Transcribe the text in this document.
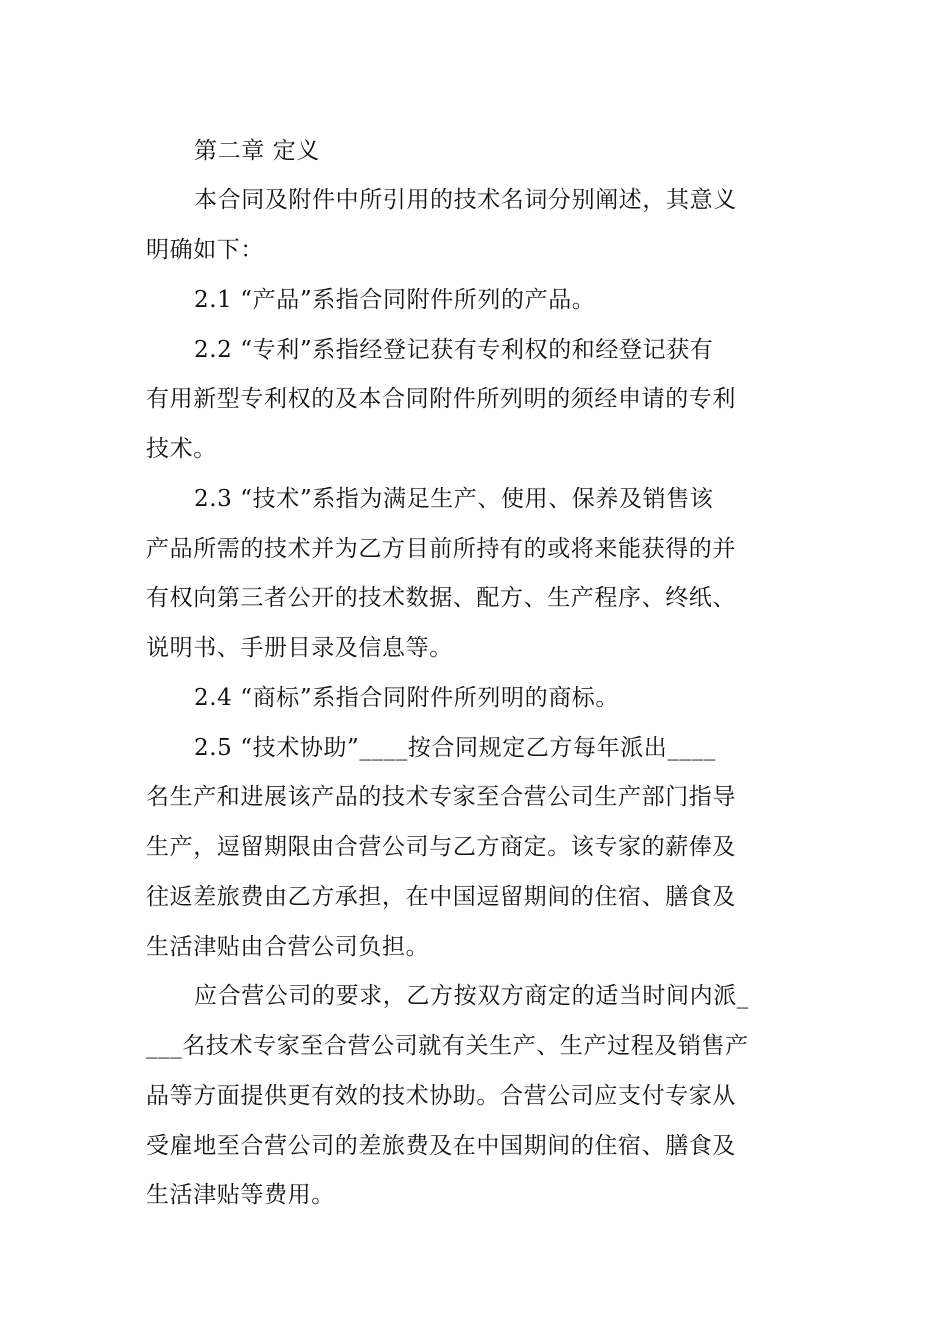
第二章 定义
本合同及附件中所引用的技术名词分别阐述，其意义
明确如下：
2.1 “产品”系指合同附件所列的产品。
2.2 “专利”系指经登记获有专利权的和经登记获有
有用新型专利权的及本合同附件所列明的须经申请的专利
技术。
2.3 “技术”系指为满足生产、使用、保养及销售该
产品所需的技术并为乙方目前所持有的或将来能获得的并
有权向第三者公开的技术数据、配方、生产程序、终纸、
说明书、手册目录及信息等。
2.4 “商标”系指合同附件所列明的商标。
2.5 “技术协助”____按合同规定乙方每年派出____
名生产和进展该产品的技术专家至合营公司生产部门指导
生产，逗留期限由合营公司与乙方商定。该专家的薪俸及
往返差旅费由乙方承担，在中国逗留期间的住宿、膳食及
生活津贴由合营公司负担。
应合营公司的要求，乙方按双方商定的适当时间内派_
___名技术专家至合营公司就有关生产、生产过程及销售产
品等方面提供更有效的技术协助。合营公司应支付专家从
受雇地至合营公司的差旅费及在中国期间的住宿、膳食及
生活津贴等费用。
